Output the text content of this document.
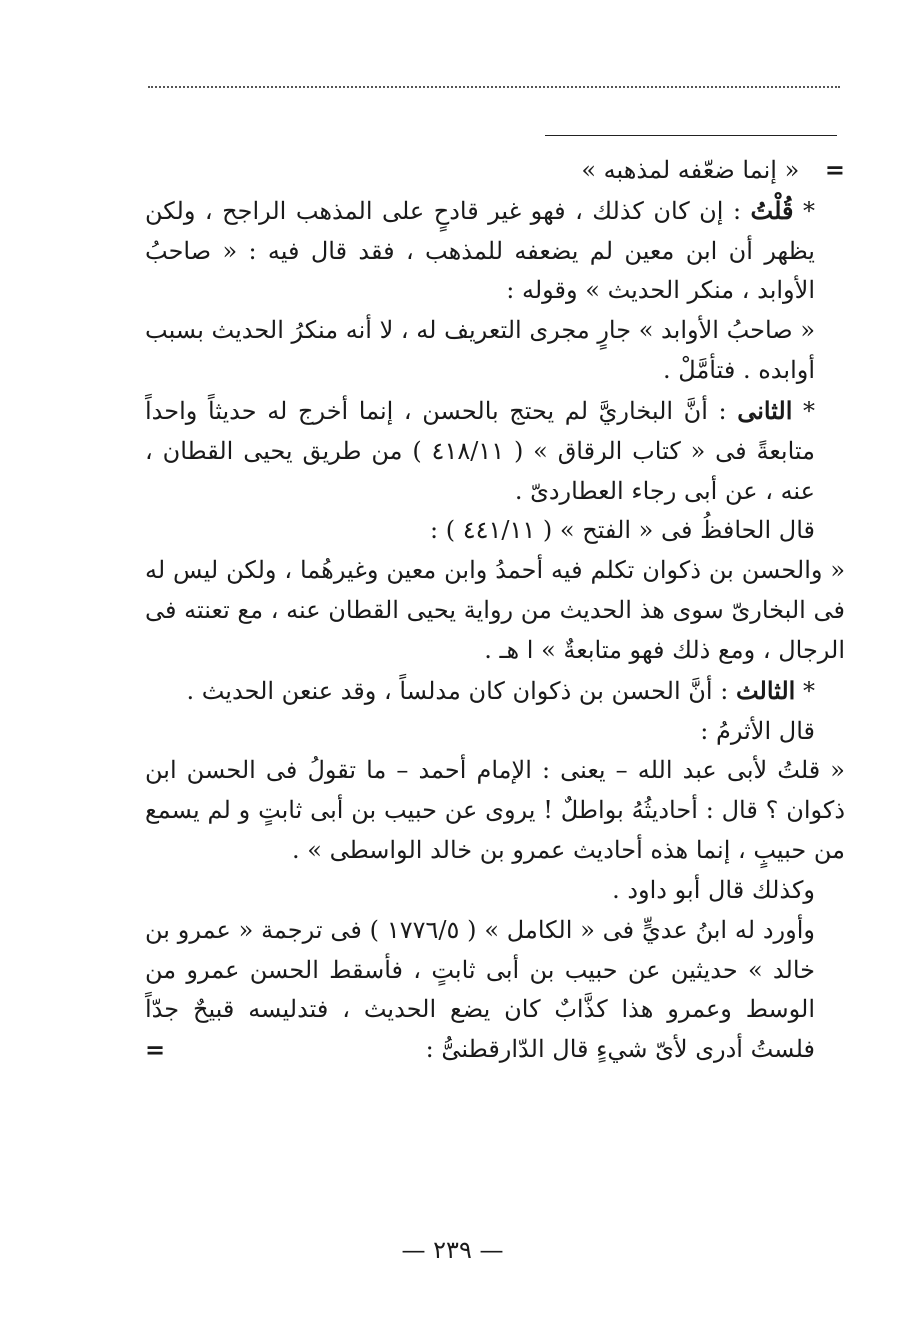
= « إنما ضعّفه لمذهبه »

* قُلْتُ : إن كان كذلك ، فهو غير قادحٍ على المذهب الراجح ، ولكن يظهر أن ابن معين لم يضعفه للمذهب ، فقد قال فيه : « صاحبُ الأوابد ، منكر الحديث » وقوله :

« صاحبُ الأوابد » جارٍ مجرى التعريف له ، لا أنه منكرُ الحديث بسبب أوابده . فتأمَّلْ .

* الثانى : أنَّ البخاريَّ لم يحتج بالحسن ، إنما أخرج له حديثاً واحداً متابعةً فى « كتاب الرقاق » ( ٤١٨/١١ ) من طريق يحيى القطان ، عنه ، عن أبى رجاء العطاردىّ .

قال الحافظُ فى « الفتح » ( ٤٤١/١١ ) :

« والحسن بن ذكوان تكلم فيه أحمدُ وابن معين وغيرهُما ، ولكن ليس له فى البخارىّ سوى هذ الحديث من رواية يحيى القطان عنه ، مع تعنته فى الرجال ، ومع ذلك فهو متابعةٌ » ا هـ .

* الثالث : أنَّ الحسن بن ذكوان كان مدلساً ، وقد عنعن الحديث .

قال الأثرمُ :

« قلتُ لأبى عبد الله – يعنى : الإمام أحمد – ما تقولُ فى الحسن ابن ذكوان ؟ قال : أحاديثُهُ بواطلٌ ! يروى عن حبيب بن أبى ثابتٍ و لم يسمع من حبيبٍ ، إنما هذه أحاديث عمرو بن خالد الواسطى » .

وكذلك قال أبو داود .

وأورد له ابنُ عديٍّ فى « الكامل » ( ١٧٧٦/٥ ) فى ترجمة « عمرو بن خالد » حديثين عن حبيب بن أبى ثابتٍ ، فأسقط الحسن عمرو من الوسط وعمرو هذا كذَّابٌ كان يضع الحديث ، فتدليسه قبيحٌ جدّاً فلستُ أدرى لأىّ شيءٍ قال الدّارقطنىُّ :
=

— ٢٣٩ —
